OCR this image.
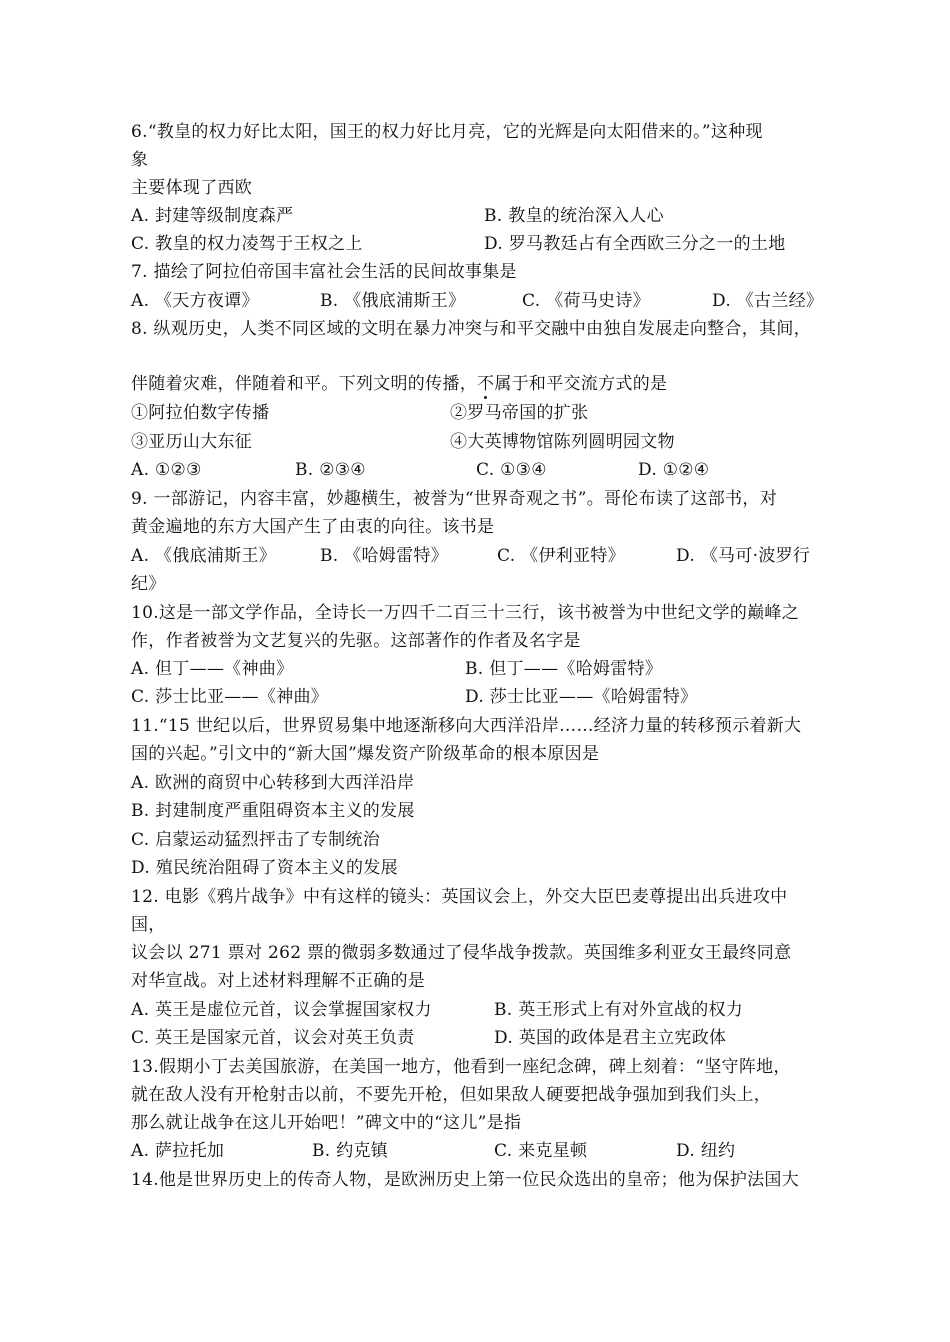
6.“教皇的权力好比太阳，国王的权力好比月亮，它的光辉是向太阳借来的。”这种现
象
主要体现了西欧
A. 封建等级制度森严	B. 教皇的统治深入人心
C. 教皇的权力凌驾于王权之上	D. 罗马教廷占有全西欧三分之一的土地
7. 描绘了阿拉伯帝国丰富社会生活的民间故事集是
A. 《天方夜谭》	B. 《俄底浦斯王》	C. 《荷马史诗》	D. 《古兰经》
8. 纵观历史，人类不同区域的文明在暴力冲突与和平交融中由独自发展走向整合，其间，
伴随着灾难，伴随着和平。下列文明的传播，不属于和平交流方式的是
①阿拉伯数字传播	②罗马帝国的扩张
③亚历山大东征	④大英博物馆陈列圆明园文物
A. ①②③	B. ②③④	C. ①③④	D. ①②④
9. 一部游记，内容丰富，妙趣横生，被誉为“世界奇观之书”。哥伦布读了这部书，对
黄金遍地的东方大国产生了由衷的向往。该书是
A. 《俄底浦斯王》	B. 《哈姆雷特》	C. 《伊利亚特》	D. 《马可·波罗行
纪》
10.这是一部文学作品，全诗长一万四千二百三十三行，该书被誉为中世纪文学的巅峰之
作，作者被誉为文艺复兴的先驱。这部著作的作者及名字是
A. 但丁——《神曲》	B. 但丁——《哈姆雷特》
C. 莎士比亚——《神曲》	D. 莎士比亚——《哈姆雷特》
11.“15 世纪以后，世界贸易集中地逐渐移向大西洋沿岸……经济力量的转移预示着新大
国的兴起。”引文中的“新大国”爆发资产阶级革命的根本原因是
A. 欧洲的商贸中心转移到大西洋沿岸
B. 封建制度严重阻碍资本主义的发展
C. 启蒙运动猛烈抨击了专制统治
D. 殖民统治阻碍了资本主义的发展
12. 电影《鸦片战争》中有这样的镜头：英国议会上，外交大臣巴麦尊提出出兵进攻中
国，
议会以 271 票对 262 票的微弱多数通过了侵华战争拨款。英国维多利亚女王最终同意
对华宣战。对上述材料理解不正确的是
A. 英王是虚位元首，议会掌握国家权力	B. 英王形式上有对外宣战的权力
C. 英王是国家元首，议会对英王负责	D. 英国的政体是君主立宪政体
13.假期小丁去美国旅游，在美国一地方，他看到一座纪念碑，碑上刻着：“坚守阵地，
就在敌人没有开枪射击以前，不要先开枪，但如果敌人硬要把战争强加到我们头上，
那么就让战争在这儿开始吧！”碑文中的“这儿”是指
A. 萨拉托加	B. 约克镇	C. 来克星顿	D. 纽约
14.他是世界历史上的传奇人物，是欧洲历史上第一位民众选出的皇帝；他为保护法国大
